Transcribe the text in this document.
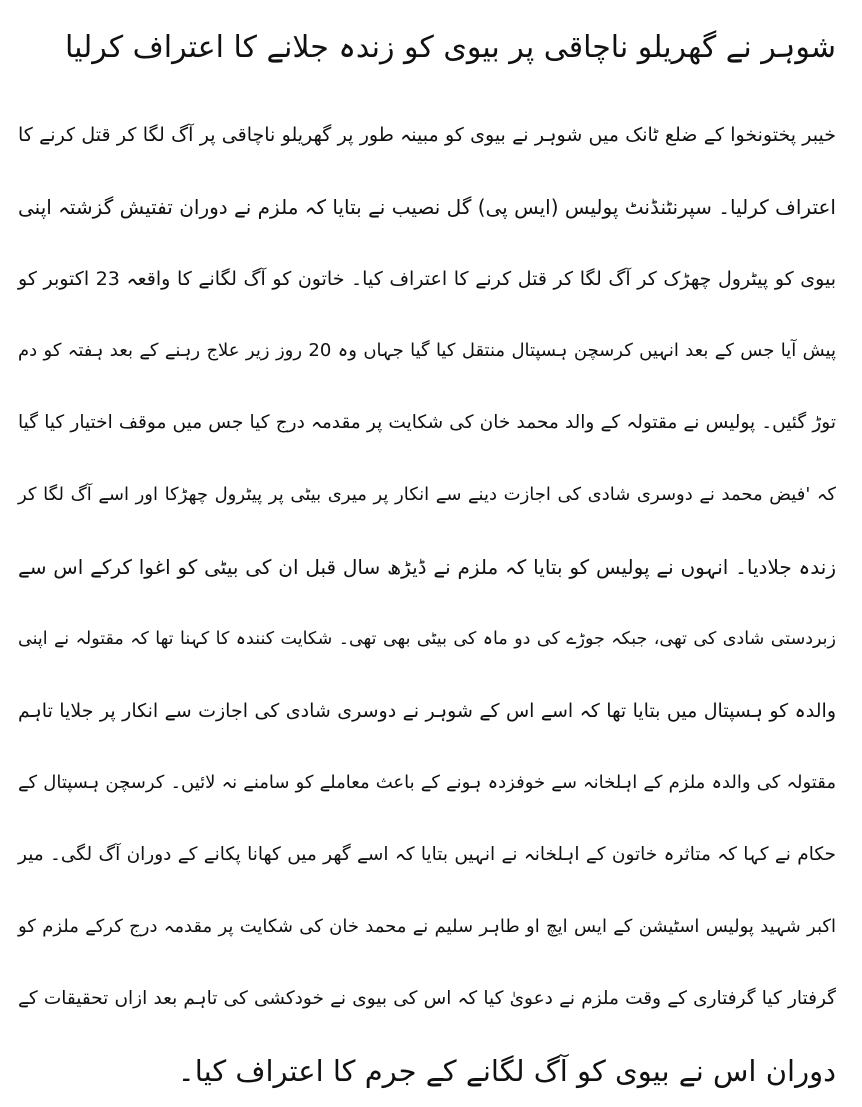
شوہر نے گھریلو ناچاقی پر بیوی کو زندہ جلانے کا اعتراف کرلیا
خیبر پختونخوا کے ضلع ٹانک میں شوہر نے بیوی کو مبینہ طور پر گھریلو ناچاقی پر آگ لگا کر قتل کرنے کا
اعتراف کرلیا۔ سپرنٹنڈنٹ پولیس (ایس پی) گل نصیب نے بتایا کہ ملزم نے دوران تفتیش گزشتہ اپنی
بیوی کو پیٹرول چھڑک کر آگ لگا کر قتل کرنے کا اعتراف کیا۔ خاتون کو آگ لگانے کا واقعہ 23 اکتوبر کو
پیش آیا جس کے بعد انہیں کرسچن ہسپتال منتقل کیا گیا جہاں وہ 20 روز زیر علاج رہنے کے بعد ہفتہ کو دم
توڑ گئیں۔ پولیس نے مقتولہ کے والد محمد خان کی شکایت پر مقدمہ درج کیا جس میں موقف اختیار کیا گیا
کہ 'فیض محمد نے دوسری شادی کی اجازت دینے سے انکار پر میری بیٹی پر پیٹرول چھڑکا اور اسے آگ لگا کر
زندہ جلادیا۔ انہوں نے پولیس کو بتایا کہ ملزم نے ڈیڑھ سال قبل ان کی بیٹی کو اغوا کرکے اس سے
زبردستی شادی کی تھی، جبکہ جوڑے کی دو ماہ کی بیٹی بھی تھی۔ شکایت کنندہ کا کہنا تھا کہ مقتولہ نے اپنی
والدہ کو ہسپتال میں بتایا تھا کہ اسے اس کے شوہر نے دوسری شادی کی اجازت سے انکار پر جلایا تاہم
مقتولہ کی والدہ ملزم کے اہلخانہ سے خوفزدہ ہونے کے باعث معاملے کو سامنے نہ لائیں۔ کرسچن ہسپتال کے
حکام نے کہا کہ متاثرہ خاتون کے اہلخانہ نے انہیں بتایا کہ اسے گھر میں کھانا پکانے کے دوران آگ لگی۔ میر
اکبر شہید پولیس اسٹیشن کے ایس ایچ او طاہر سلیم نے محمد خان کی شکایت پر مقدمہ درج کرکے ملزم کو
گرفتار کیا گرفتاری کے وقت ملزم نے دعویٰ کیا کہ اس کی بیوی نے خودکشی کی تاہم بعد ازاں تحقیقات کے
دوران اس نے بیوی کو آگ لگانے کے جرم کا اعتراف کیا۔
